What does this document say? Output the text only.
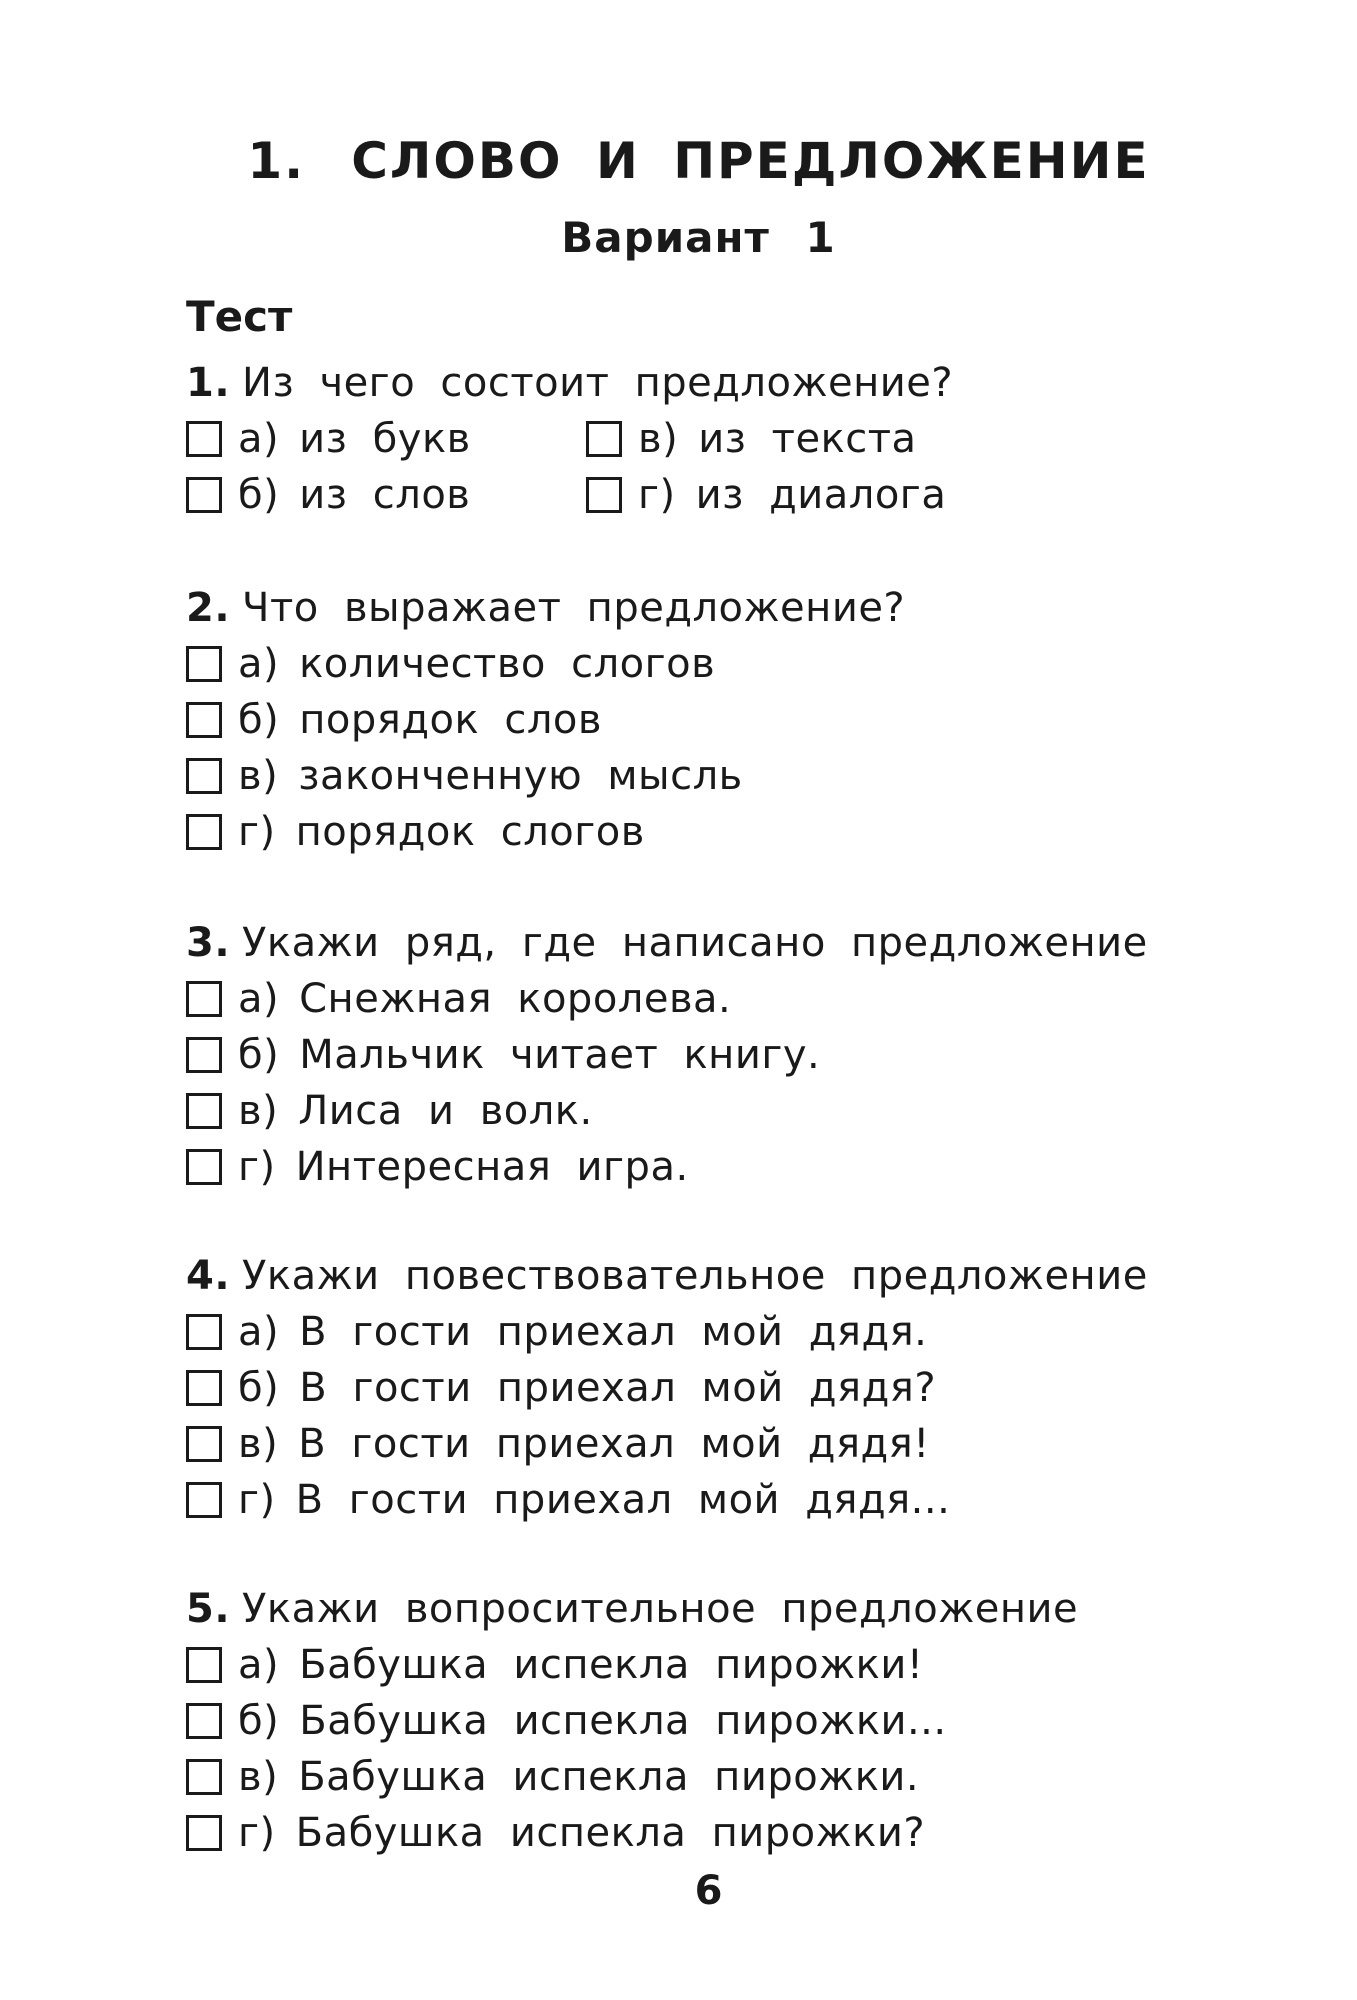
1. СЛОВО И ПРЕДЛОЖЕНИЕ
Вариант 1
Тест
1. Из чего состоит предложение?
а) из букв	в) из текста
б) из слов	г) из диалога
2. Что выражает предложение?
а) количество слогов
б) порядок слов
в) законченную мысль
г) порядок слогов
3. Укажи ряд, где написано предложение
а) Снежная королева.
б) Мальчик читает книгу.
в) Лиса и волк.
г) Интересная игра.
4. Укажи повествовательное предложение
а) В гости приехал мой дядя.
б) В гости приехал мой дядя?
в) В гости приехал мой дядя!
г) В гости приехал мой дядя...
5. Укажи вопросительное предложение
а) Бабушка испекла пирожки!
б) Бабушка испекла пирожки...
в) Бабушка испекла пирожки.
г) Бабушка испекла пирожки?
6
